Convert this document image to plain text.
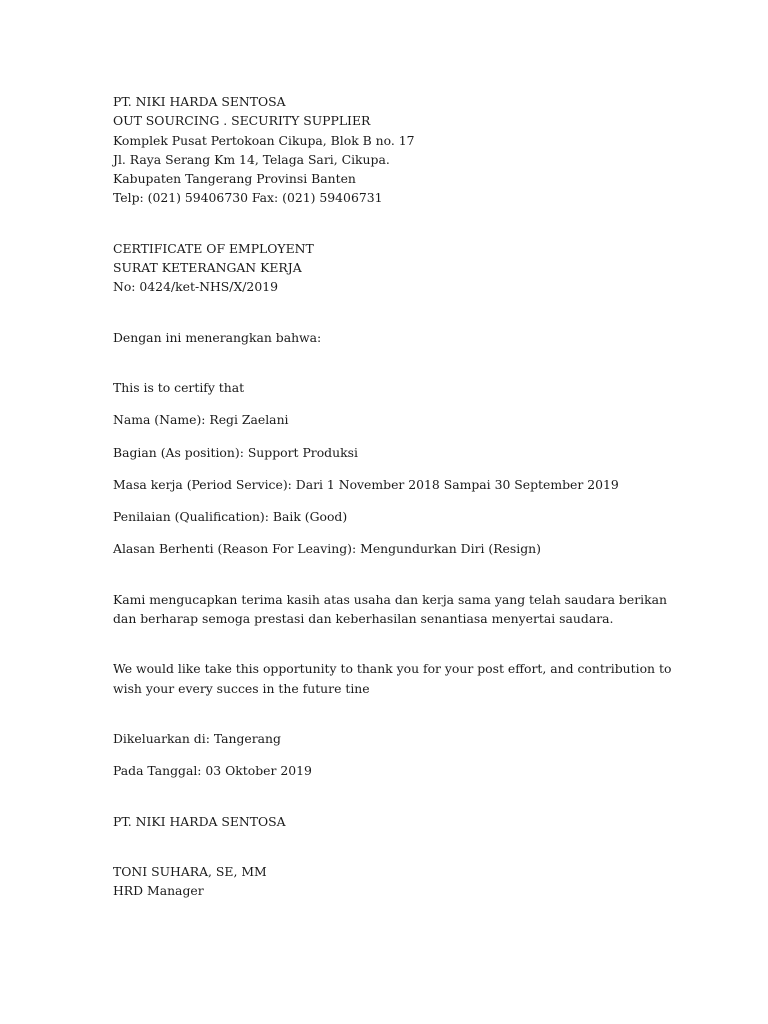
PT. NIKI HARDA SENTOSA
OUT SOURCING . SECURITY SUPPLIER
Komplek Pusat Pertokoan Cikupa, Blok B no. 17
Jl. Raya Serang Km 14, Telaga Sari, Cikupa.
Kabupaten Tangerang Provinsi Banten
Telp: (021) 59406730 Fax: (021) 59406731
CERTIFICATE OF EMPLOYENT
SURAT KETERANGAN KERJA
No: 0424/ket-NHS/X/2019
Dengan ini menerangkan bahwa:
This is to certify that
Nama (Name): Regi Zaelani
Bagian (As position): Support Produksi
Masa kerja (Period Service): Dari 1 November 2018 Sampai 30 September 2019
Penilaian (Qualification): Baik (Good)
Alasan Berhenti (Reason For Leaving): Mengundurkan Diri (Resign)
Kami mengucapkan terima kasih atas usaha dan kerja sama yang telah saudara berikan dan berharap semoga prestasi dan keberhasilan senantiasa menyertai saudara.
We would like take this opportunity to thank you for your post effort, and contribution to wish your every succes in the future tine
Dikeluarkan di: Tangerang
Pada Tanggal: 03 Oktober 2019
PT. NIKI HARDA SENTOSA
TONI SUHARA, SE, MM
HRD Manager
